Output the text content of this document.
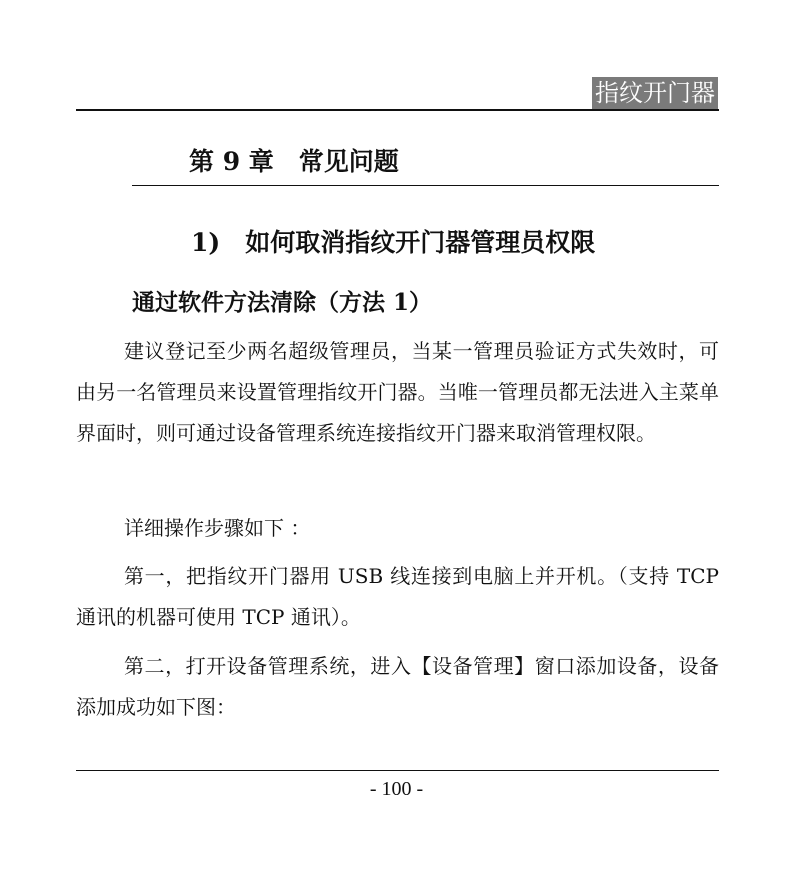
指纹开门器
第 9 章　常见问题
1)　如何取消指纹开门器管理员权限
通过软件方法清除（方法 1）

建议登记至少两名超级管理员，当某一管理员验证方式失效时，可由另一名管理员来设置管理指纹开门器。当唯一管理员都无法进入主菜单界面时，则可通过设备管理系统连接指纹开门器来取消管理权限。

详细操作步骤如下 ：

第一，把指纹开门器用 USB 线连接到电脑上并开机。（支持 TCP 通讯的机器可使用 TCP 通讯）。

第二，打开设备管理系统，进入【设备管理】窗口添加设备，设备添加成功如下图：

- 100 -
